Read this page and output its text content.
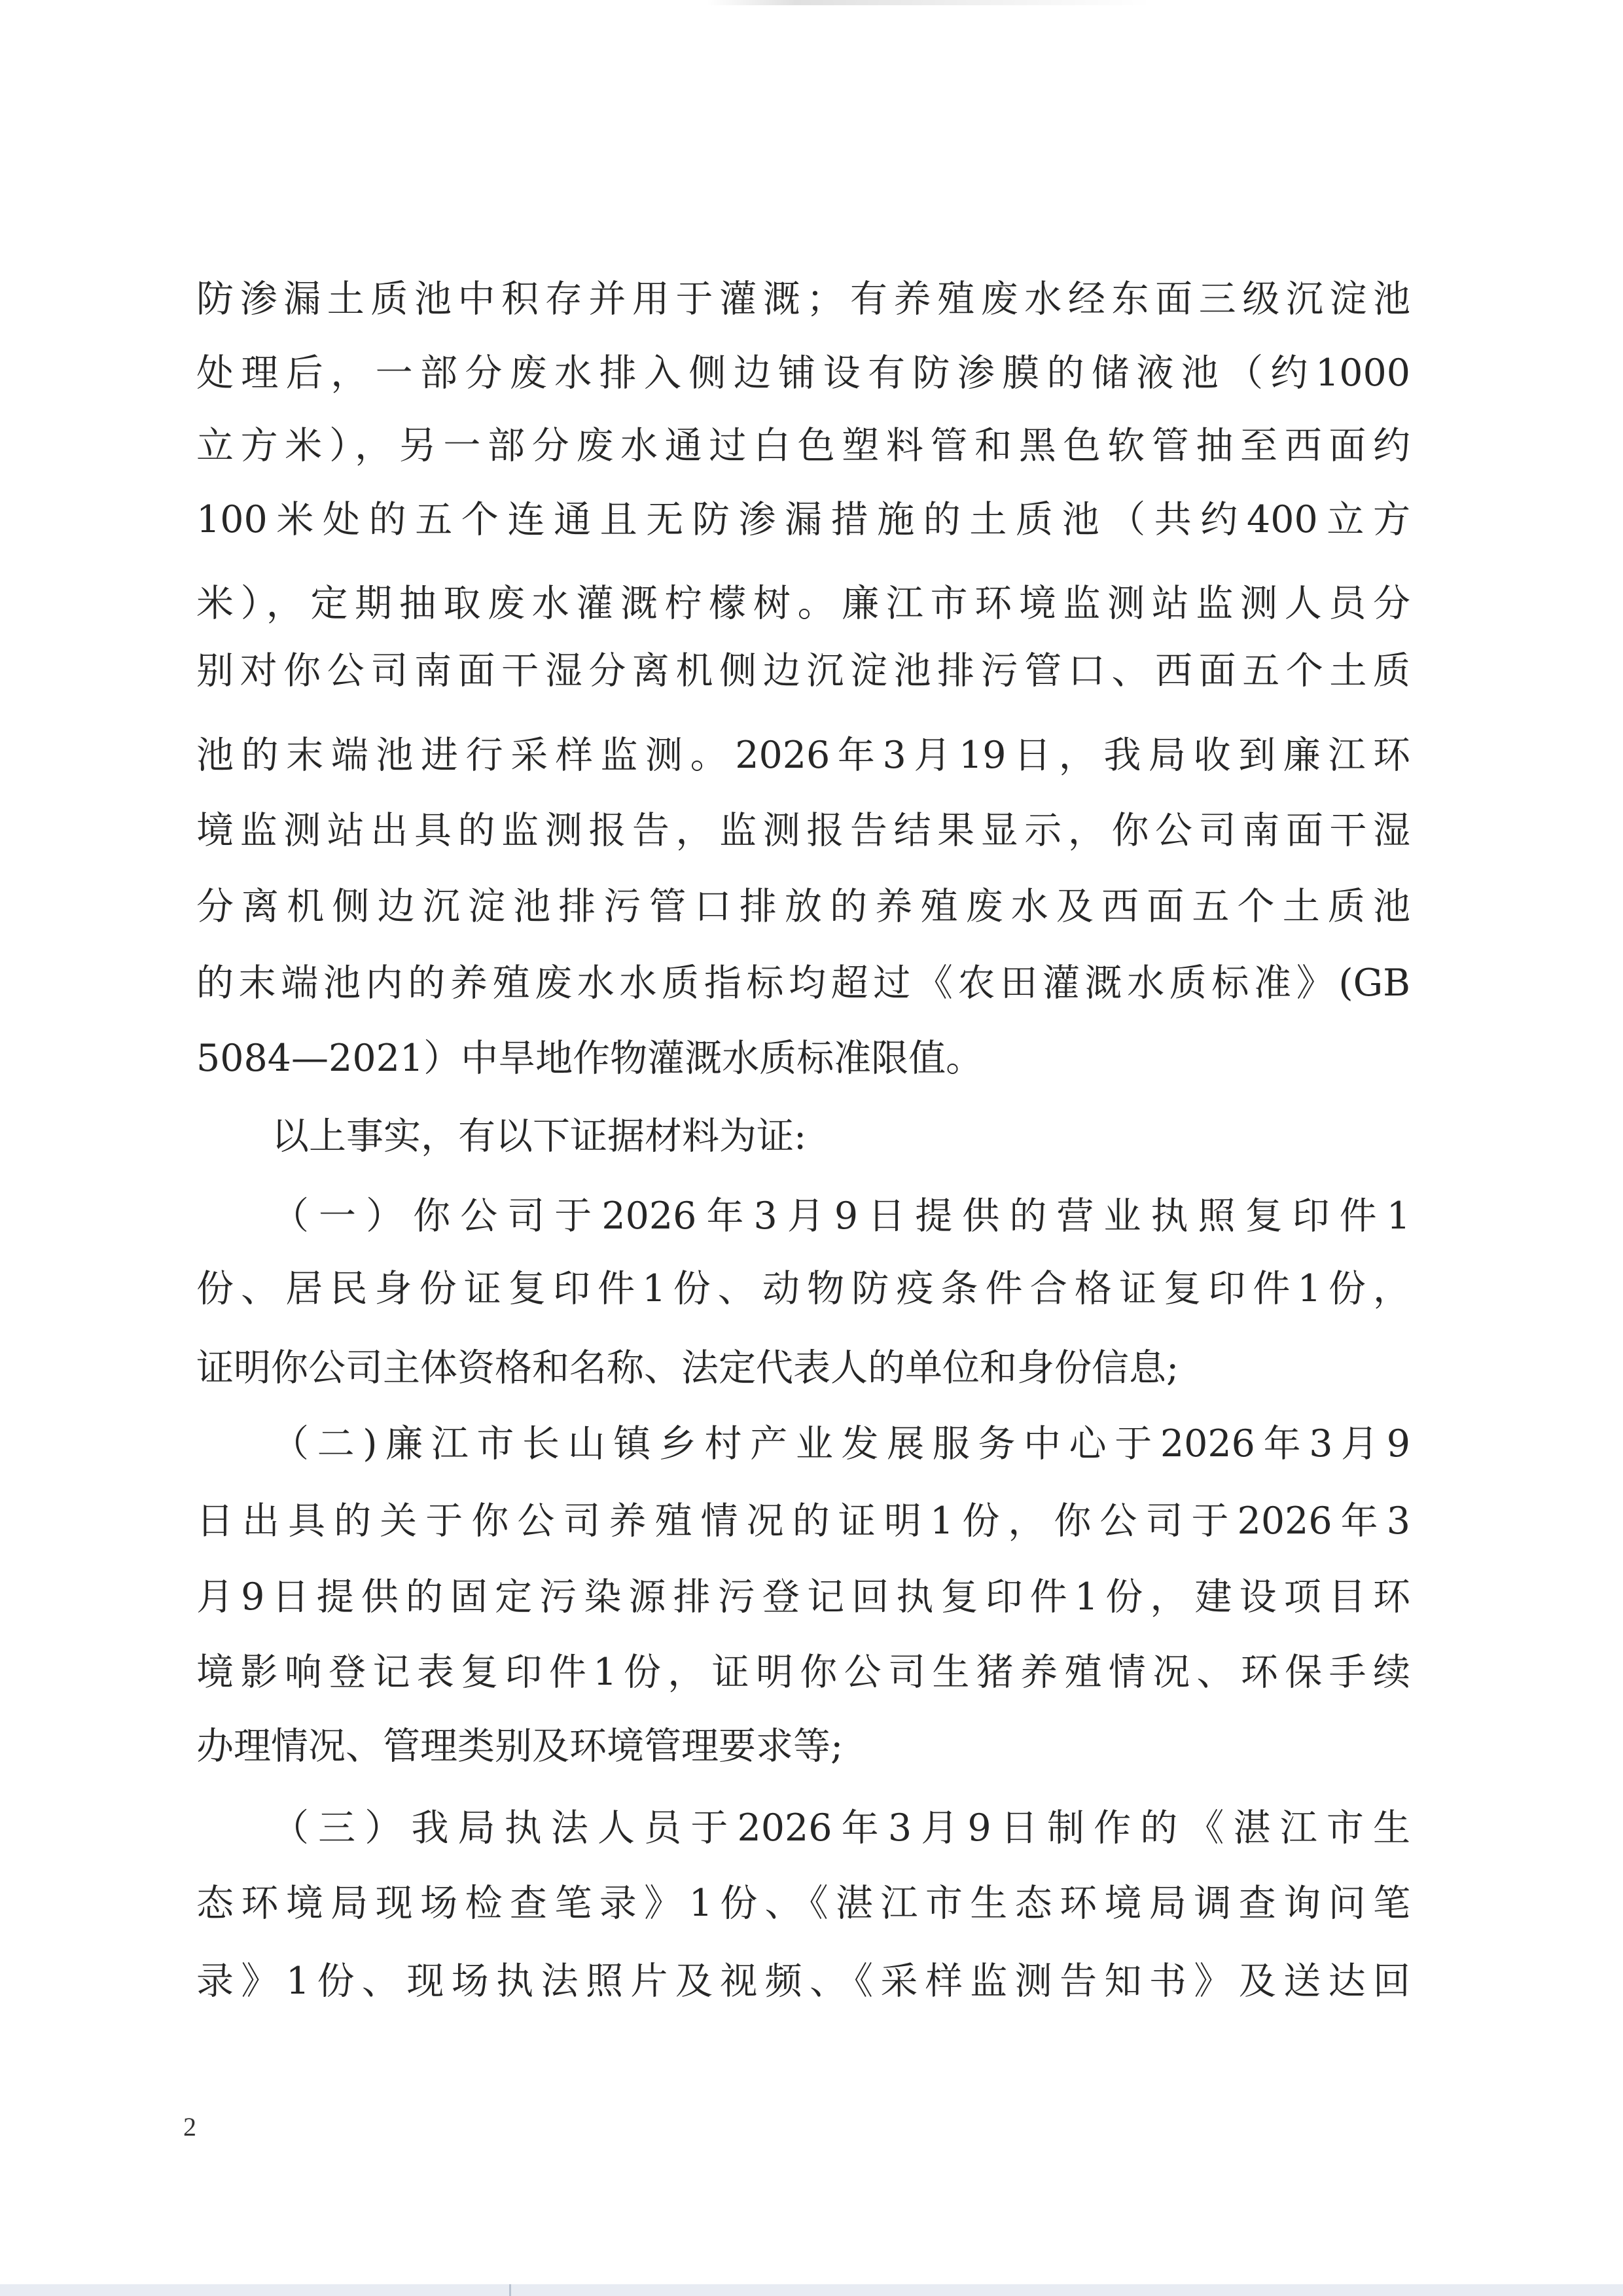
防渗漏土质池中积存并用于灌溉；有养殖废水经东面三级沉淀池
处理后，一部分废水排入侧边铺设有防渗膜的储液池（约1000
立方米），另一部分废水通过白色塑料管和黑色软管抽至西面约
100米处的五个连通且无防渗漏措施的土质池（共约400立方
米），定期抽取废水灌溉柠檬树。廉江市环境监测站监测人员分
别对你公司南面干湿分离机侧边沉淀池排污管口、西面五个土质
池的末端池进行采样监测。2026年3月19日，我局收到廉江环
境监测站出具的监测报告，监测报告结果显示，你公司南面干湿
分离机侧边沉淀池排污管口排放的养殖废水及西面五个土质池
的末端池内的养殖废水水质指标均超过《农田灌溉水质标准》(GB
5084—2021）中旱地作物灌溉水质标准限值。
以上事实，有以下证据材料为证:
（一）你公司于2026年3月9日提供的营业执照复印件1
份、居民身份证复印件1份、动物防疫条件合格证复印件1份，
证明你公司主体资格和名称、法定代表人的单位和身份信息;
（二)廉江市长山镇乡村产业发展服务中心于2026年3月9
日出具的关于你公司养殖情况的证明1份，你公司于2026年3
月9日提供的固定污染源排污登记回执复印件1份，建设项目环
境影响登记表复印件1份，证明你公司生猪养殖情况、环保手续
办理情况、管理类别及环境管理要求等;
（三）我局执法人员于2026年3月9日制作的《湛江市生
态环境局现场检查笔录》1份、《湛江市生态环境局调查询问笔
录》1份、现场执法照片及视频、《采样监测告知书》及送达回
2
